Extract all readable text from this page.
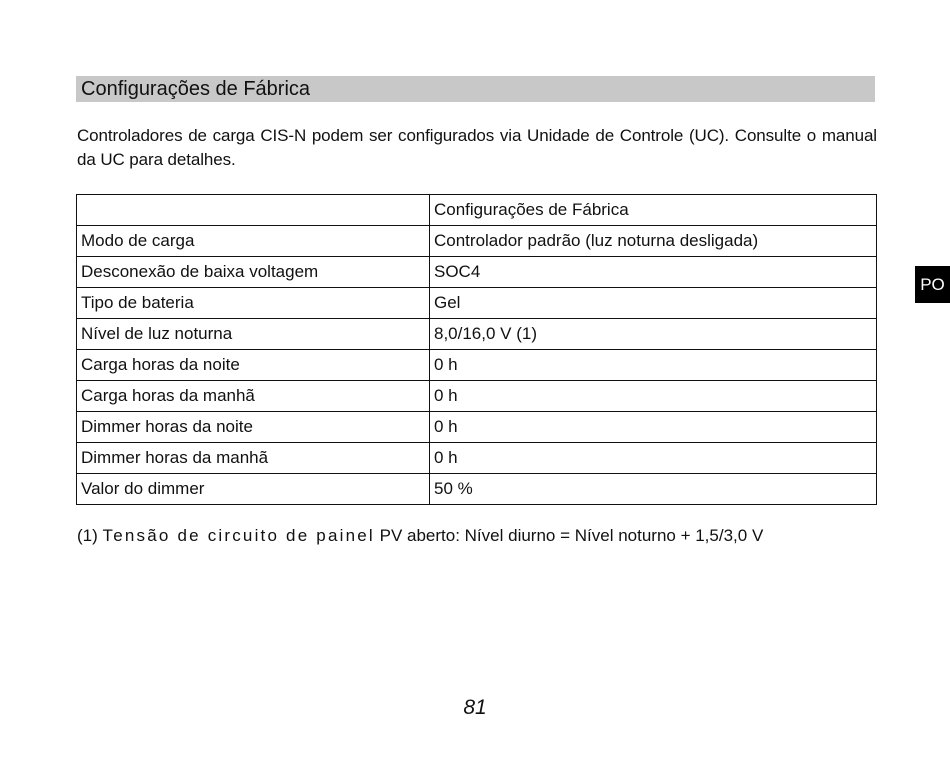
Configurações de Fábrica
Controladores de carga CIS-N podem ser configurados via Unidade de Controle (UC). Consulte o manual da UC para detalhes.
	Configurações de Fábrica
Modo de carga	Controlador padrão (luz noturna desligada)
Desconexão de baixa voltagem	SOC4
Tipo de bateria	Gel
Nível de luz noturna	8,0/16,0 V (1)
Carga horas da noite	0 h
Carga horas da manhã	0 h
Dimmer horas da noite	0 h
Dimmer horas da manhã	0 h
Valor do dimmer	50 %
(1) Tensão de circuito de painel PV aberto: Nível diurno = Nível noturno + 1,5/3,0 V
PO
81
